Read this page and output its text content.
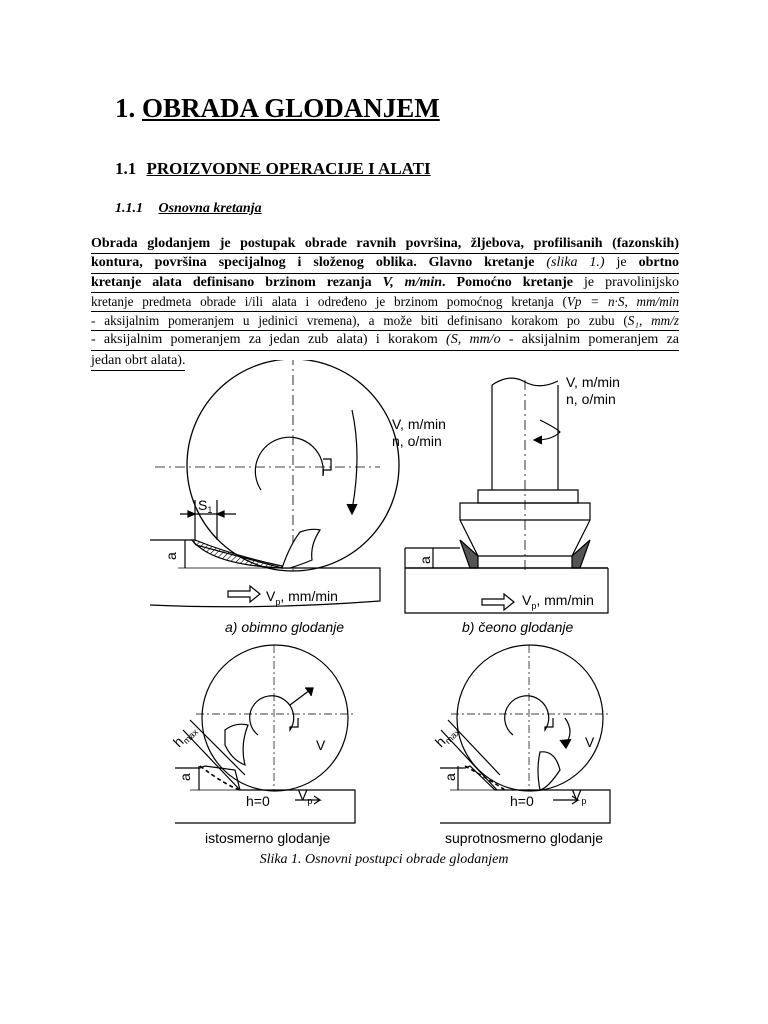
1. OBRADA GLODANJEM
1.1 PROIZVODNE OPERACIJE I ALATI
1.1.1 Osnovna kretanja
Obrada glodanjem je postupak obrade ravnih površina, žljebova, profilisanih (fazonskih)
kontura, površina specijalnog i složenog oblika. Glavno kretanje (slika 1.) je obrtno
kretanje alata definisano brzinom rezanja V, m/min. Pomoćno kretanje je pravolinijsko
kretanje predmeta obrade i/ili alata i određeno je brzinom pomoćnog kretanja (Vp = n·S, mm/min
- aksijalnim pomeranjem u jedinici vremena), a može biti definisano korakom po zubu (S₁, mm/z
- aksijalnim pomeranjem za jedan zub alata) i korakom (S, mm/o - aksijalnim pomeranjem za
jedan obrt alata).
V, m/min
n, o/min
$S_1$
a
$V_p$, mm/min
a) obimno glodanje
V, m/min
n, o/min
a
$V_p$, mm/min
b) čeono glodanje
$h_{max}$	V
a
h=0 $V_p$
istosmerno glodanje
$h_{max}$	V
a
h=0	$V_p$
suprotnosmerno glodanje
Slika 1. Osnovni postupci obrade glodanjem
